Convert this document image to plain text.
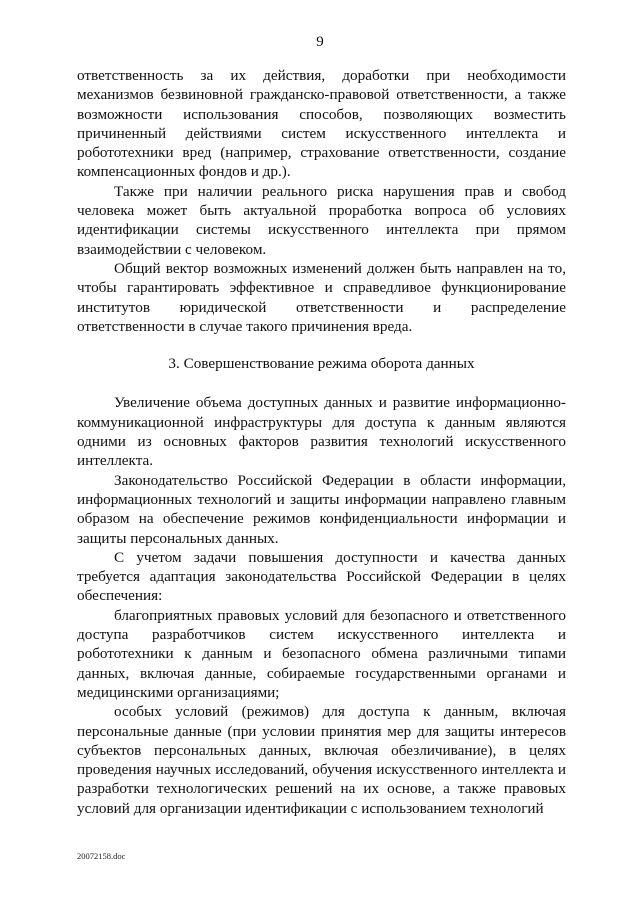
9

ответственность за их действия, доработки при необходимости механизмов безвиновной гражданско-правовой ответственности, а также возможности использования способов, позволяющих возместить причиненный действиями систем искусственного интеллекта и робототехники вред (например, страхование ответственности, создание компенсационных фондов и др.).

Также при наличии реального риска нарушения прав и свобод человека может быть актуальной проработка вопроса об условиях идентификации системы искусственного интеллекта при прямом взаимодействии с человеком.

Общий вектор возможных изменений должен быть направлен на то, чтобы гарантировать эффективное и справедливое функционирование институтов юридической ответственности и распределение ответственности в случае такого причинения вреда.

3. Совершенствование режима оборота данных

Увеличение объема доступных данных и развитие информационно-коммуникационной инфраструктуры для доступа к данным являются одними из основных факторов развития технологий искусственного интеллекта.

Законодательство Российской Федерации в области информации, информационных технологий и защиты информации направлено главным образом на обеспечение режимов конфиденциальности информации и защиты персональных данных.

С учетом задачи повышения доступности и качества данных требуется адаптация законодательства Российской Федерации в целях обеспечения:

благоприятных правовых условий для безопасного и ответственного доступа разработчиков систем искусственного интеллекта и робототехники к данным и безопасного обмена различными типами данных, включая данные, собираемые государственными органами и медицинскими организациями;

особых условий (режимов) для доступа к данным, включая персональные данные (при условии принятия мер для защиты интересов субъектов персональных данных, включая обезличивание), в целях проведения научных исследований, обучения искусственного интеллекта и разработки технологических решений на их основе, а также правовых условий для организации идентификации с использованием технологий

20072158.doc
